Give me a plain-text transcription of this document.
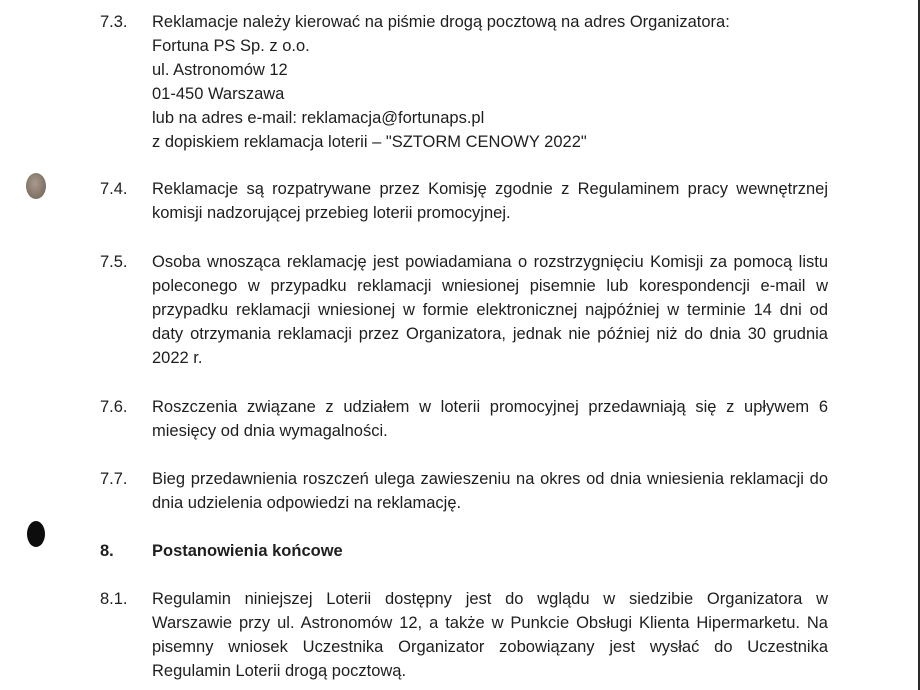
7.3. Reklamacje należy kierować na piśmie drogą pocztową na adres Organizatora:
Fortuna PS Sp. z o.o.
ul. Astronomów 12
01-450 Warszawa
lub na adres e-mail: reklamacja@fortunaps.pl
z dopiskiem reklamacja loterii – "SZTORM CENOWY 2022"
7.4. Reklamacje są rozpatrywane przez Komisję zgodnie z Regulaminem pracy wewnętrznej
komisji nadzorującej przebieg loterii promocyjnej.
7.5. Osoba wnosząca reklamację jest powiadamiana o rozstrzygnięciu Komisji za pomocą listu
poleconego w przypadku reklamacji wniesionej pisemnie lub korespondencji e-mail w
przypadku reklamacji wniesionej w formie elektronicznej najpóźniej w terminie 14 dni od
daty otrzymania reklamacji przez Organizatora, jednak nie później niż do dnia 30 grudnia
2022 r.
7.6. Roszczenia związane z udziałem w loterii promocyjnej przedawniają się z upływem 6
miesięcy od dnia wymagalności.
7.7. Bieg przedawnienia roszczeń ulega zawieszeniu na okres od dnia wniesienia reklamacji do
dnia udzielenia odpowiedzi na reklamację.
8. Postanowienia końcowe
8.1. Regulamin niniejszej Loterii dostępny jest do wglądu w siedzibie Organizatora w
Warszawie przy ul. Astronomów 12, a także w Punkcie Obsługi Klienta Hipermarketu. Na
pisemny wniosek Uczestnika Organizator zobowiązany jest wysłać do Uczestnika
Regulamin Loterii drogą pocztową.
